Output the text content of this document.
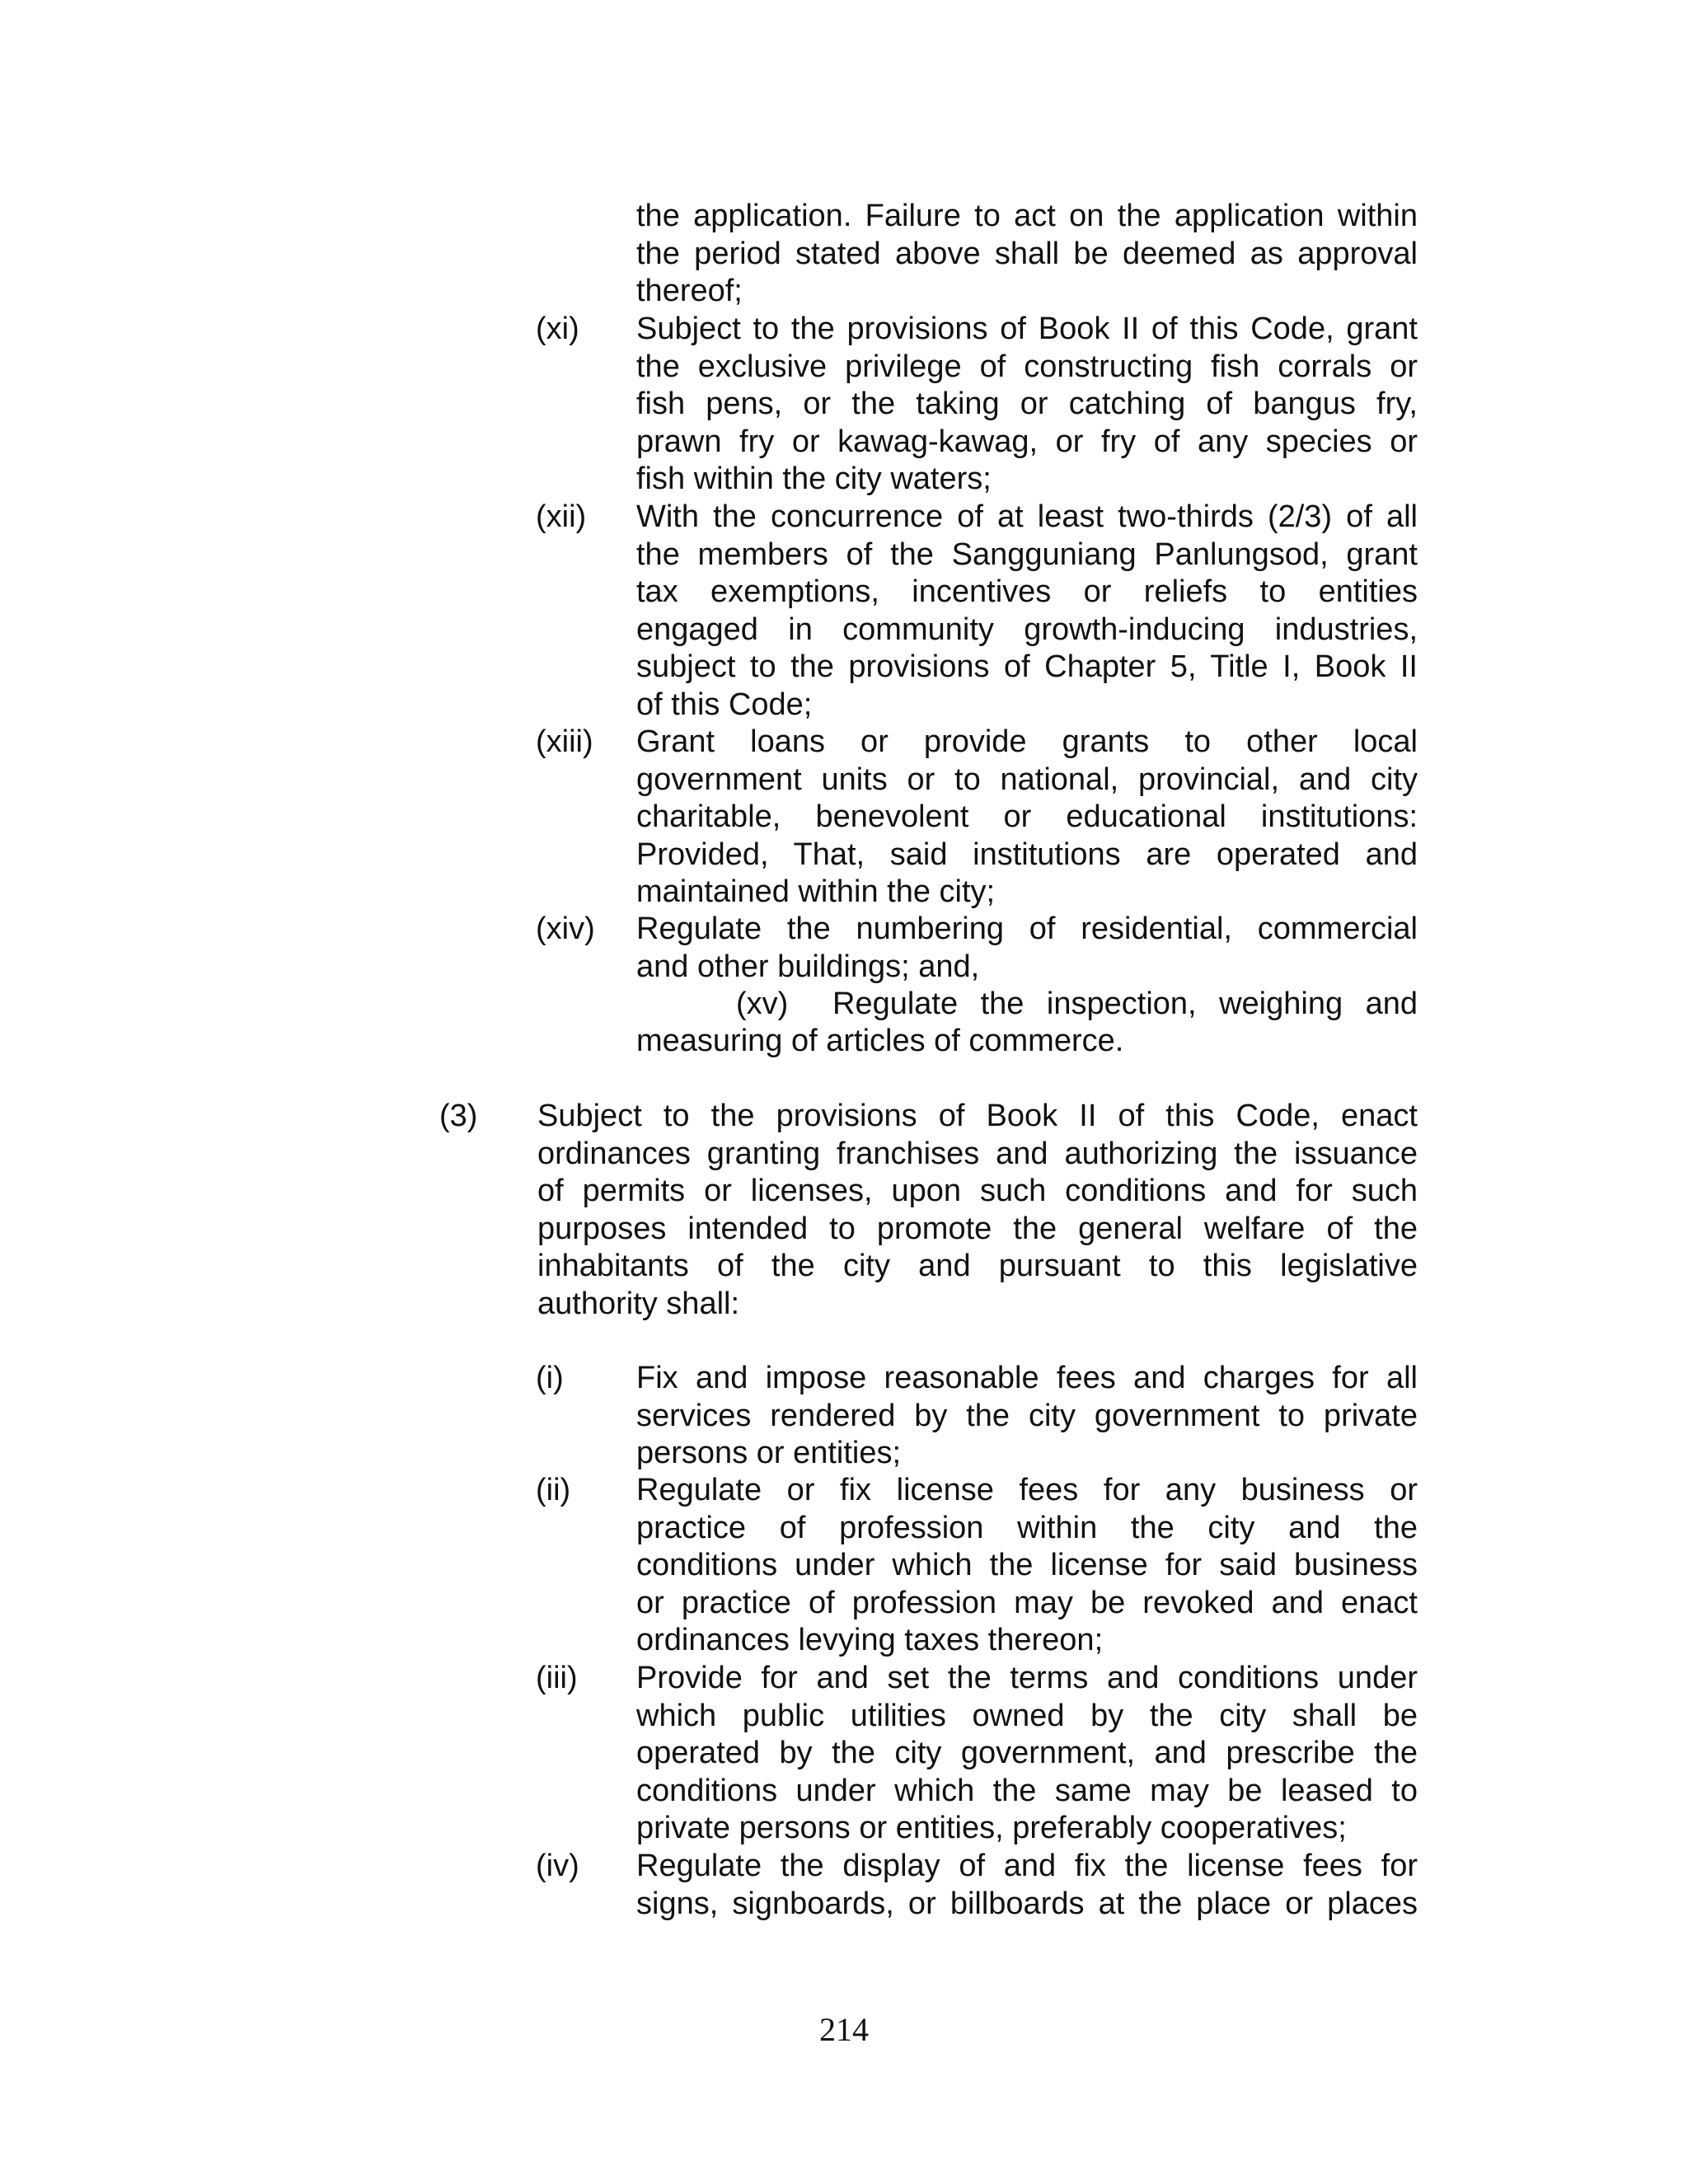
the application. Failure to act on the application within

the period stated above shall be deemed as approval

thereof;

(xi) Subject to the provisions of Book II of this Code, grant

the exclusive privilege of constructing fish corrals or

fish pens, or the taking or catching of bangus fry,

prawn fry or kawag-kawag, or fry of any species or

fish within the city waters;

(xii) With the concurrence of at least two-thirds (2/3) of all

the members of the Sangguniang Panlungsod, grant

tax exemptions, incentives or reliefs to entities

engaged in community growth-inducing industries,

subject to the provisions of Chapter 5, Title I, Book II

of this Code;

(xiii) Grant loans or provide grants to other local

government units or to national, provincial, and city

charitable, benevolent or educational institutions:

Provided, That, said institutions are operated and

maintained within the city;

(xiv) Regulate the numbering of residential, commercial

and other buildings; and,

(xv) Regulate the inspection, weighing and

measuring of articles of commerce.

(3) Subject to the provisions of Book II of this Code, enact

ordinances granting franchises and authorizing the issuance

of permits or licenses, upon such conditions and for such

purposes intended to promote the general welfare of the

inhabitants of the city and pursuant to this legislative

authority shall:

(i) Fix and impose reasonable fees and charges for all

services rendered by the city government to private

persons or entities;

(ii) Regulate or fix license fees for any business or

practice of profession within the city and the

conditions under which the license for said business

or practice of profession may be revoked and enact

ordinances levying taxes thereon;

(iii) Provide for and set the terms and conditions under

which public utilities owned by the city shall be

operated by the city government, and prescribe the

conditions under which the same may be leased to

private persons or entities, preferably cooperatives;

(iv) Regulate the display of and fix the license fees for

signs, signboards, or billboards at the place or places

214
